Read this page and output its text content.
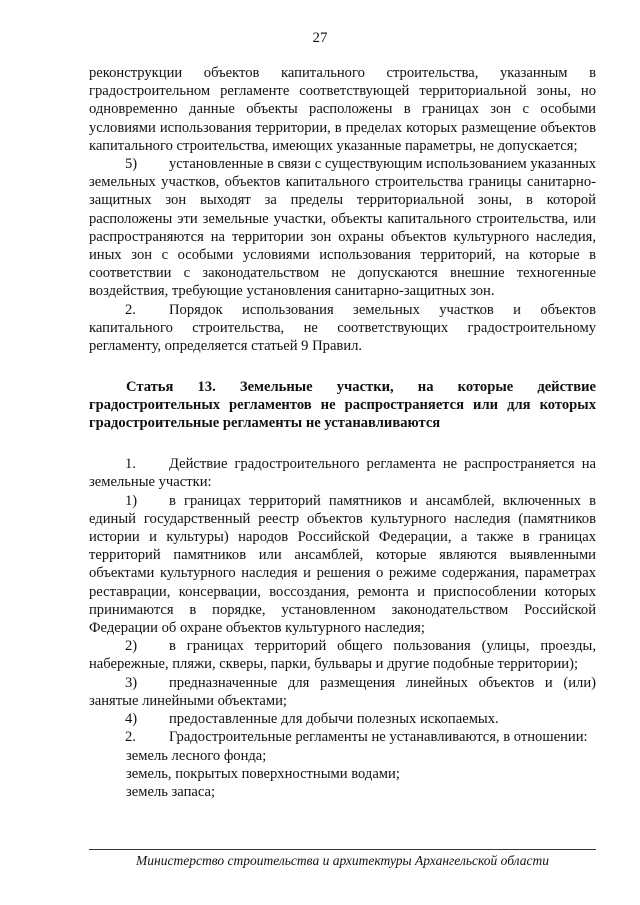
27

реконструкции объектов капитального строительства, указанным в градостроительном регламенте соответствующей территориальной зоны, но одновременно данные объекты расположены в границах зон с особыми условиями использования территории, в пределах которых размещение объектов капитального строительства, имеющих указанные параметры, не допускается;

5) установленные в связи с существующим использованием указанных земельных участков, объектов капитального строительства границы санитарно-защитных зон выходят за пределы территориальной зоны, в которой расположены эти земельные участки, объекты капитального строительства, или распространяются на территории зон охраны объектов культурного наследия, иных зон с особыми условиями использования территорий, на которые в соответствии с законодательством не допускаются внешние техногенные воздействия, требующие установления санитарно-защитных зон.

2. Порядок использования земельных участков и объектов капитального строительства, не соответствующих градостроительному регламенту, определяется статьей 9 Правил.

Статья 13. Земельные участки, на которые действие градостроительных регламентов не распространяется или для которых градостроительные регламенты не устанавливаются

1. Действие градостроительного регламента не распространяется на земельные участки:

1) в границах территорий памятников и ансамблей, включенных в единый государственный реестр объектов культурного наследия (памятников истории и культуры) народов Российской Федерации, а также в границах территорий памятников или ансамблей, которые являются выявленными объектами культурного наследия и решения о режиме содержания, параметрах реставрации, консервации, воссоздания, ремонта и приспособлении которых принимаются в порядке, установленном законодательством Российской Федерации об охране объектов культурного наследия;

2) в границах территорий общего пользования (улицы, проезды, набережные, пляжи, скверы, парки, бульвары и другие подобные территории);

3) предназначенные для размещения линейных объектов и (или) занятые линейными объектами;

4) предоставленные для добычи полезных ископаемых.

2. Градостроительные регламенты не устанавливаются, в отношении:

земель лесного фонда;

земель, покрытых поверхностными водами;

земель запаса;

Министерство строительства и архитектуры Архангельской области
